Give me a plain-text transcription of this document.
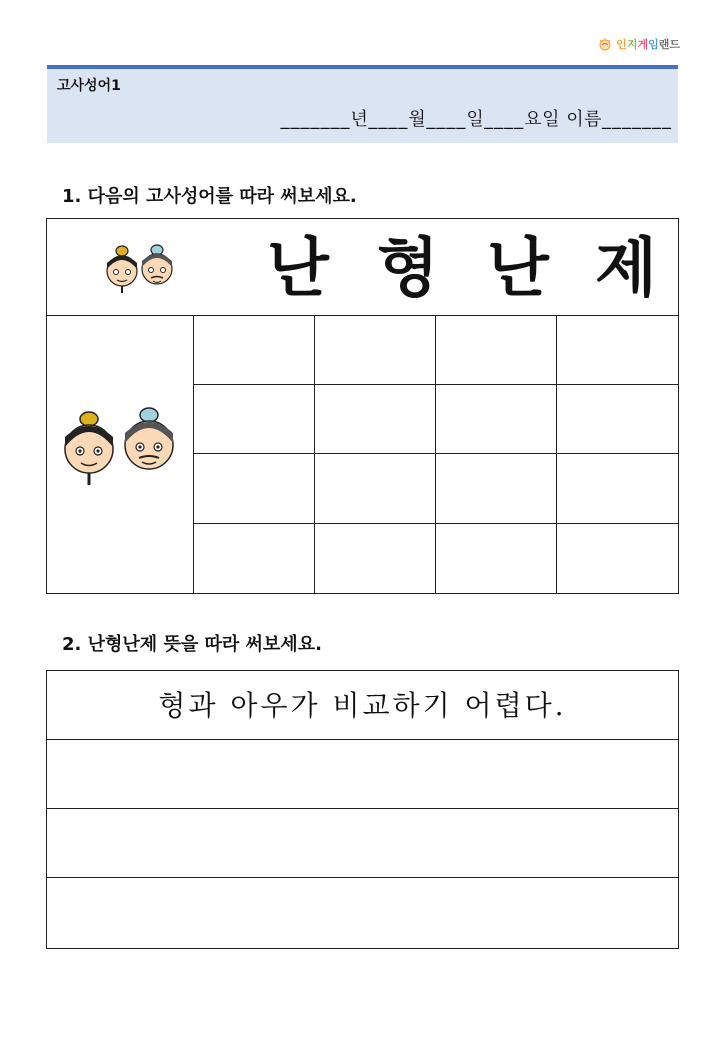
인지게임랜드
고사성어1
_______년____월____일____요일 이름_______
1. 다음의 고사성어를 따라 써보세요.
난 형 난 제
2. 난형난제 뜻을 따라 써보세요.
형과 아우가 비교하기 어렵다.
